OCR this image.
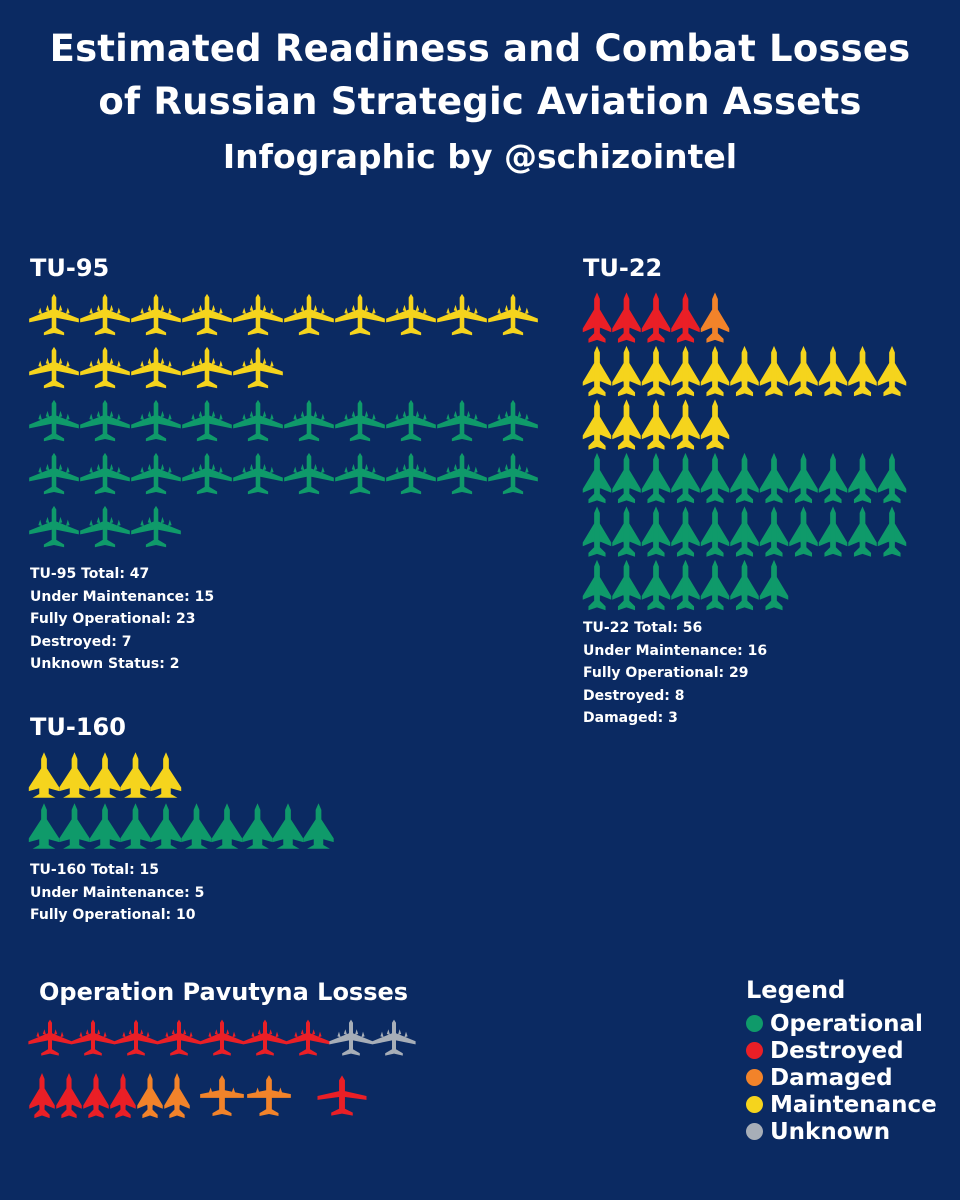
Estimated Readiness and Combat Losses
of Russian Strategic Aviation Assets
Infographic by @schizointel
TU-95
TU-95 Total: 47
Under Maintenance: 15
Fully Operational: 23
Destroyed: 7
Unknown Status: 2
TU-22
TU-22 Total: 56
Under Maintenance: 16
Fully Operational: 29
Destroyed: 8
Damaged: 3
TU-160
TU-160 Total: 15
Under Maintenance: 5
Fully Operational: 10
Operation Pavutyna Losses	Legend
Operational
Destroyed
Damaged
Maintenance
Unknown
